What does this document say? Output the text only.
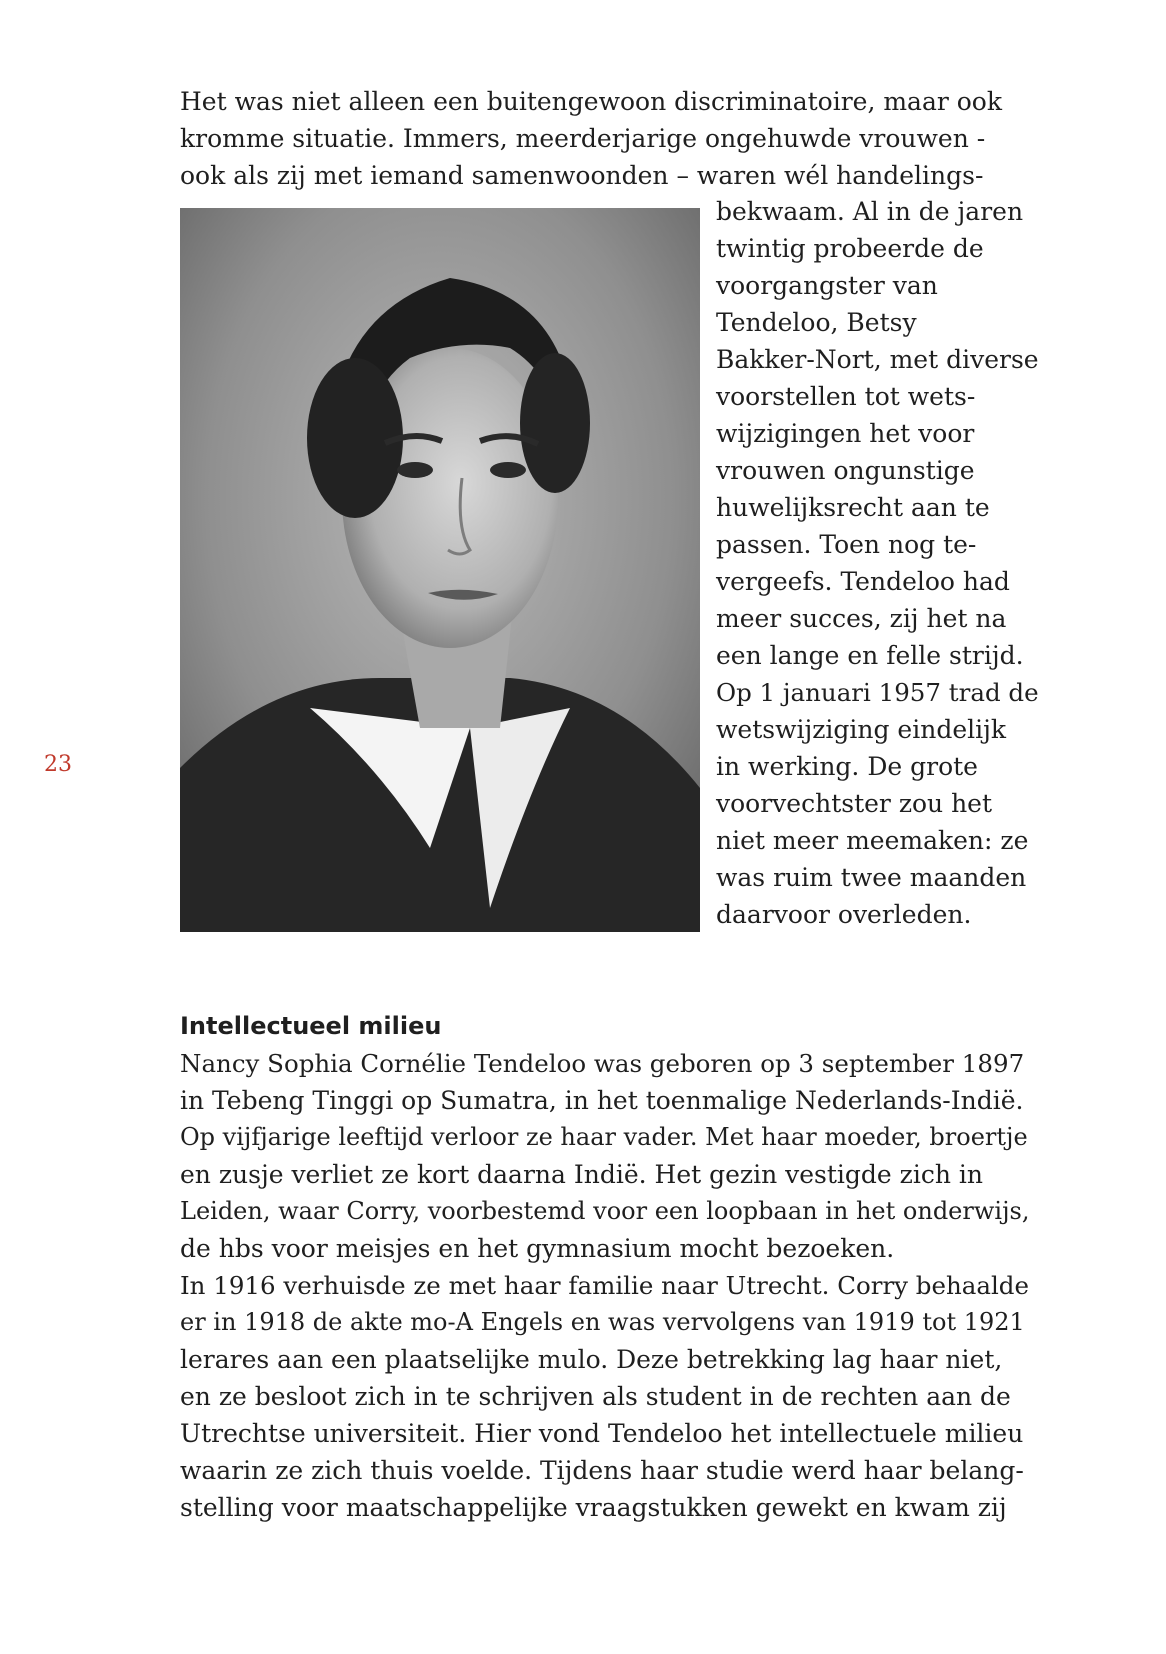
Het was niet alleen een buitengewoon discriminatoire, maar ook

kromme situatie. Immers, meerderjarige ongehuwde vrouwen -

ook als zij met iemand samenwoonden – waren wél handelings-

bekwaam. Al in de jaren

twintig probeerde de

voorgangster van

Tendeloo, Betsy

Bakker-Nort, met diverse

voorstellen tot wets-

wijzigingen het voor

vrouwen ongunstige

huwelijksrecht aan te

passen. Toen nog te-

vergeefs. Tendeloo had

meer succes, zij het na

een lange en felle strijd.

Op 1 januari 1957 trad de

wetswijziging eindelijk

in werking. De grote

voorvechtster zou het

niet meer meemaken: ze

was ruim twee maanden

daarvoor overleden.

23

Intellectueel milieu

Nancy Sophia Cornélie Tendeloo was geboren op 3 september 1897

in Tebeng Tinggi op Sumatra, in het toenmalige Nederlands-Indië.

Op vijfjarige leeftijd verloor ze haar vader. Met haar moeder, broertje

en zusje verliet ze kort daarna Indië. Het gezin vestigde zich in

Leiden, waar Corry, voorbestemd voor een loopbaan in het onderwijs,

de hbs voor meisjes en het gymnasium mocht bezoeken.

In 1916 verhuisde ze met haar familie naar Utrecht. Corry behaalde

er in 1918 de akte mo-A Engels en was vervolgens van 1919 tot 1921

lerares aan een plaatselijke mulo. Deze betrekking lag haar niet,

en ze besloot zich in te schrijven als student in de rechten aan de

Utrechtse universiteit. Hier vond Tendeloo het intellectuele milieu

waarin ze zich thuis voelde. Tijdens haar studie werd haar belang-

stelling voor maatschappelijke vraagstukken gewekt en kwam zij
